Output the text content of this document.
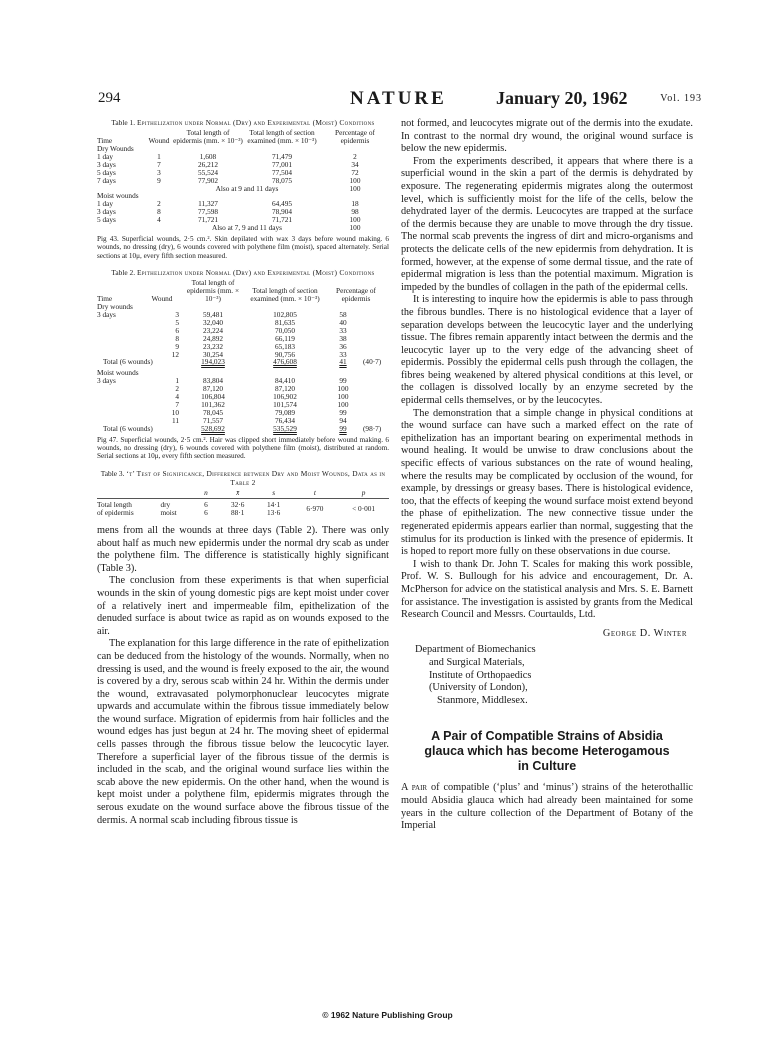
294	NATURE	January 20, 1962	Vol. 193
Table 1. Epithelization under Normal (Dry) and Experimental (Moist) Conditions
Time	Wound	Total length of epidermis (mm. × 10⁻³)	Total length of section examined (mm. × 10⁻³)	Percentage of epidermis
Dry Wounds				
1 day	1	1,608	71,479	2
3 days	7	26,212	77,001	34
5 days	3	55,524	77,504	72
7 days	9	77,902	78,075	100
		Also at 9 and 11 days		100
Moist wounds				
1 day	2	11,327	64,495	18
3 days	8	77,598	78,904	98
5 days	4	71,721	71,721	100
		Also at 7, 9 and 11 days		100

Pig 43. Superficial wounds, 2·5 cm.². Skin depilated with wax 3 days before wound making. 6 wounds, no dressing (dry), 6 wounds covered with polythene film (moist), spaced alternately. Serial sections at 10μ, every fifth section measured.

Table 2. Epithelization under Normal (Dry) and Experimental (Moist) Conditions
Time	Wound	Total length of epidermis (mm. × 10⁻³)	Total length of section examined (mm. × 10⁻³)	Percentage of epidermis	
Dry wounds					
3 days	3	59,481	102,805	58	
	5	32,040	81,635	40	
	6	23,224	70,050	33	
	8	24,892	66,119	38	
	9	23,232	65,183	36	
	12	30,254	90,756	33	
Total (6 wounds)		194,023	476,608	41	(40·7)
Moist wounds					
3 days	1	83,804	84,410	99	
	2	87,120	87,120	100	
	4	106,804	106,902	100	
	7	101,362	101,574	100	
	10	78,045	79,089	99	
	11	71,557	76,434	94	
Total (6 wounds)		528,692	535,529	99	(98·7)

Pig 47. Superficial wounds, 2·5 cm.². Hair was clipped short immediately before wound making. 6 wounds, no dressing (dry), 6 wounds covered with polythene film (moist), distributed at random. Serial sections at 10μ, every fifth section measured.

Table 3. ‘t’ Test of Significance, Difference between Dry and Moist Wounds, Data as in Table 2
		n	x̄	s	t	p

Total length	dry	6	32·6	14·1	6·970	< 0·001
of epidermis	moist	6	88·1	13·6		

mens from all the wounds at three days (Table 2). There was only about half as much new epidermis under the normal dry scab as under the polythene film. The difference is statistically highly significant (Table 3).

The conclusion from these experiments is that when superficial wounds in the skin of young domestic pigs are kept moist under cover of a relatively inert and impermeable film, epithelization of the denuded surface is about twice as rapid as on wounds exposed to the air.

The explanation for this large difference in the rate of epithelization can be deduced from the histology of the wounds. Normally, when no dressing is used, and the wound is freely exposed to the air, the wound is covered by a dry, serous scab within 24 hr. Within the dermis under the wound, extravasated polymorphonuclear leucocytes migrate upwards and accumulate within the fibrous tissue immediately below the wound surface. Migration of epidermis from hair follicles and the wound edges has just begun at 24 hr. The moving sheet of epidermal cells passes through the fibrous tissue below the leucocytic layer. Therefore a superficial layer of the fibrous tissue of the dermis is included in the scab, and the original wound surface lies within the scab above the new epidermis. On the other hand, when the wound is kept moist under a polythene film, epidermis migrates through the serous exudate on the wound surface above the fibrous tissue of the dermis. A normal scab including fibrous tissue is

not formed, and leucocytes migrate out of the dermis into the exudate. In contrast to the normal dry wound, the original wound surface is below the new epidermis.

From the experiments described, it appears that where there is a superficial wound in the skin a part of the dermis is dehydrated by exposure. The regenerating epidermis migrates along the outermost level, which is sufficiently moist for the life of the cells, below the dehydrated layer of the dermis. Leucocytes are trapped at the surface of the dermis because they are unable to move through the dry tissue. The normal scab prevents the ingress of dirt and micro-organisms and protects the delicate cells of the new epidermis from dehydration. It is formed, however, at the expense of some dermal tissue, and the rate of epidermal migration is less than the potential maximum. Migration is impeded by the bundles of collagen in the path of the epidermal cells.

It is interesting to inquire how the epidermis is able to pass through the fibrous bundles. There is no histological evidence that a layer of separation develops between the leucocytic layer and the underlying tissue. The fibres remain apparently intact between the dermis and the leucocytic layer up to the very edge of the advancing sheet of epidermis. Possibly the epidermal cells push through the collagen, the fibres being weakened by altered physical conditions at this level, or the collagen is dissolved locally by an enzyme secreted by the epidermal cells themselves, or by the leucocytes.

The demonstration that a simple change in physical conditions at the wound surface can have such a marked effect on the rate of epithelization has an important bearing on experimental methods in wound healing. It would be unwise to draw conclusions about the specific effects of various substances on the rate of wound healing, where the results may be complicated by occlusion of the wound, for example, by dressings or greasy bases. There is histological evidence, too, that the effects of keeping the wound surface moist extend beyond the phase of epithelization. The new connective tissue under the regenerated epidermis appears earlier than normal, suggesting that the stimulus for its production is linked with the presence of epidermis. It is hoped to report more fully on these observations in due course.

I wish to thank Dr. John T. Scales for making this work possible, Prof. W. S. Bullough for his advice and encouragement, Dr. A. McPherson for advice on the statistical analysis and Mrs. S. E. Barnett for assistance. The investigation is assisted by grants from the Medical Research Council and Messrs. Courtaulds, Ltd.

George D. Winter
Department of Biomechanics
and Surgical Materials,
Institute of Orthopaedics
(University of London),
Stanmore, Middlesex.
A Pair of Compatible Strains of Absidia
glauca which has become Heterogamous
in Culture

A pair of compatible (‘plus’ and ‘minus’) strains of the heterothallic mould Absidia glauca which had already been maintained for some years in the culture collection of the Department of Botany of the Imperial

© 1962 Nature Publishing Group
